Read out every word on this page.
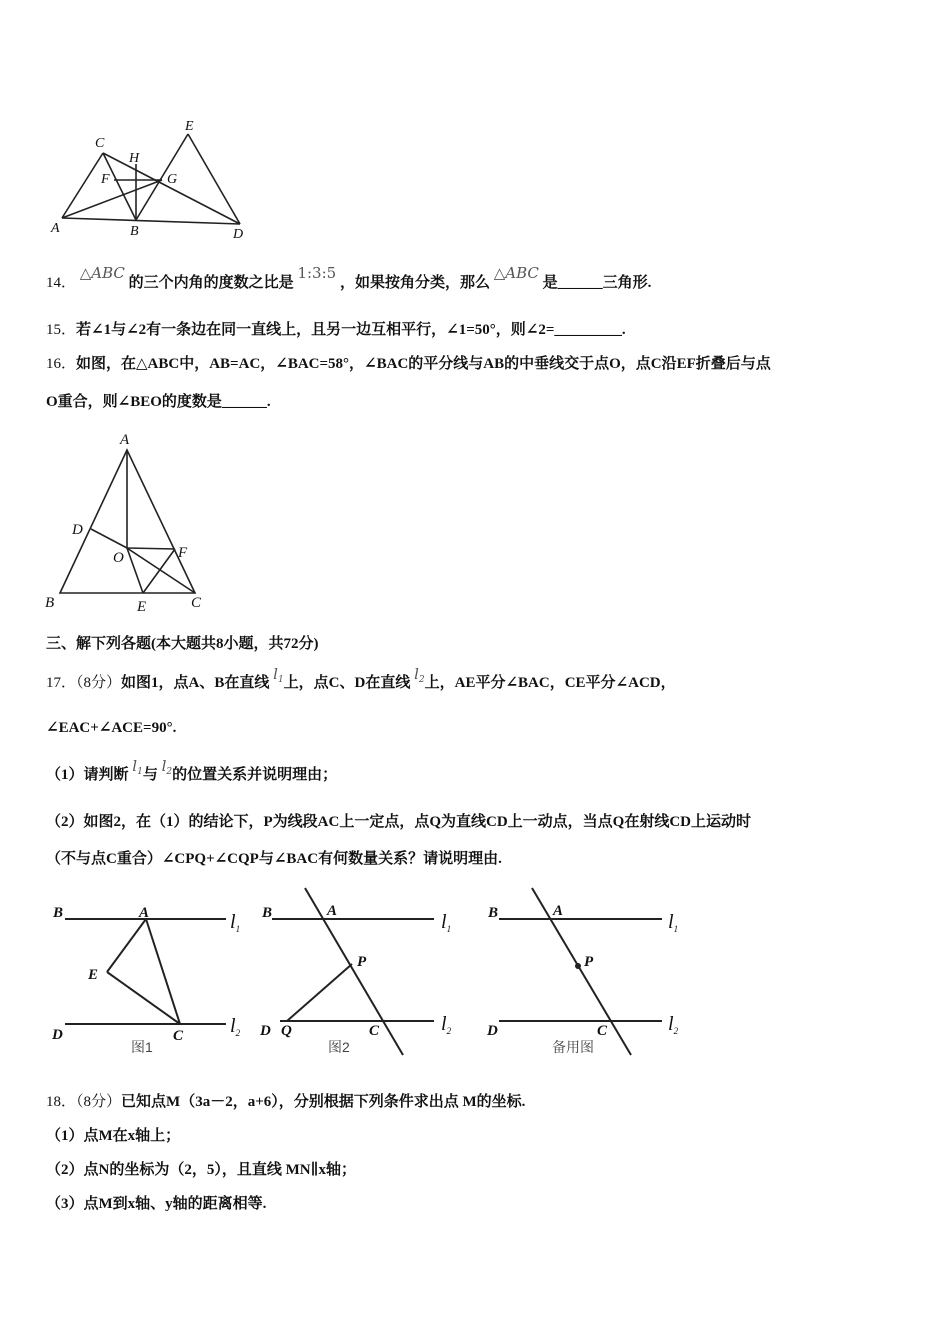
C
H
E
F	G
A	B	D
14． △ABC 的三个内角的度数之比是 1:3:5 ，如果按角分类，那么 △ABC 是______三角形.
15．若∠1与∠2有一条边在同一直线上，且另一边互相平行，∠1=50°，则∠2=_________.
16．如图，在△ABC中，AB=AC，∠BAC=58°，∠BAC的平分线与AB的中垂线交于点O，点C沿EF折叠后与点
O重合，则∠BEO的度数是______.
A
D
O	F
B	E	C
三、解下列各题(本大题共8小题，共72分)
17．（8分）如图1，点A、B在直线 $l_1$上，点C、D在直线 $l_2$上，AE平分∠BAC，CE平分∠ACD，
∠EAC+∠ACE=90°.
（1）请判断 $l_1$与 $l_2$的位置关系并说明理由；
（2）如图2，在（1）的结论下，P为线段AC上一定点，点Q为直线CD上一动点，当点Q在射线CD上运动时
（不与点C重合）∠CPQ+∠CQP与∠BAC有何数量关系？请说明理由.
B	A
E
D	C
$l_1$
$l_2$
图1
B	A
P
D Q	C
$l_1$
$l_2$
图2
B	A
P
D	C
$l_1$
$l_2$
备用图
18．（8分）已知点M（3a－2，a+6），分别根据下列条件求出点 M的坐标.
（1）点M在x轴上；
（2）点N的坐标为（2，5），且直线 MN∥x轴；
（3）点M到x轴、y轴的距离相等.
